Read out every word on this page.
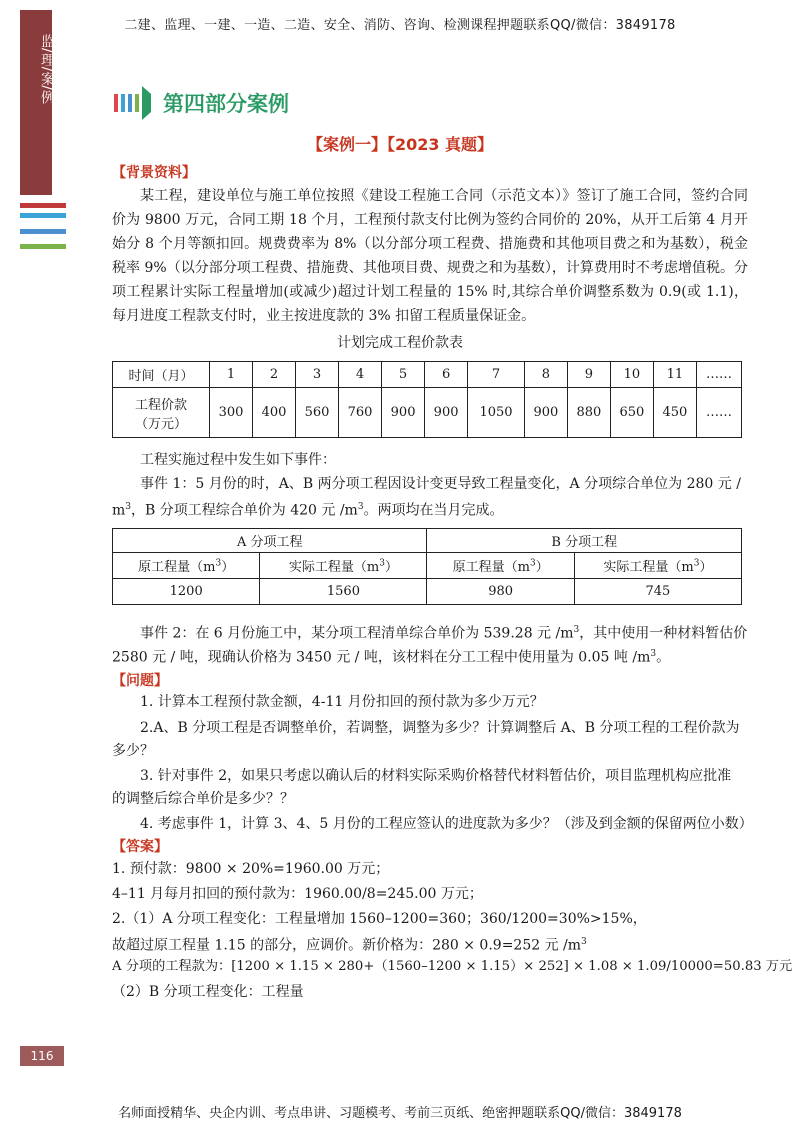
二建、监理、一建、一造、二造、安全、消防、咨询、检测课程押题联系QQ/微信：3849178
名师面授精华、央企内训、考点串讲、习题模考、考前三页纸、绝密押题联系QQ/微信：3849178
监/理/案/例
116
第四部分案例
【案例一】【2023 真题】
【背景资料】
某工程，建设单位与施工单位按照《建设工程施工合同（示范文本）》签订了施工合同，签约合同价为 9800 万元，合同工期 18 个月，工程预付款支付比例为签约合同价的 20%，从开工后第 4 月开始分 8 个月等额扣回。规费费率为 8%（以分部分项工程费、措施费和其他项目费之和为基数），税金税率 9%（以分部分项工程费、措施费、其他项目费、规费之和为基数），计算费用时不考虑增值税。分项工程累计实际工程量增加(或减少)超过计划工程量的 15% 时,其综合单价调整系数为 0.9(或 1.1)，每月进度工程款支付时，业主按进度款的 3% 扣留工程质量保证金。
计划完成工程价款表
时间（月）	1	2	3	4	5	6	7	8	9	10	11	……
工程价款（万元）	300	400	560	760	900	900	1050	900	880	650	450	……
工程实施过程中发生如下事件：
事件 1：5 月份的时，A、B 两分项工程因设计变更导致工程量变化，A 分项综合单位为 280 元 /
$m^3$，B 分项工程综合单价为 420 元 $/m^3$。两项均在当月完成。
A 分项工程		B 分项工程	
原工程量$(m^3)$	实际工程量$(m^3)$	原工程量$(m^3)$	实际工程量$(m^3)$
1200	1560	980	745
事件 2：在 6 月份施工中，某分项工程清单综合单价为 539.28 元 $/m^3$，其中使用一种材料暂估价
2580 元 / 吨，现确认价格为 3450 元 / 吨，该材料在分工工程中使用量为 0.05 吨 $/m^3$。
【问题】
1. 计算本工程预付款金额，4-11 月份扣回的预付款为多少万元？
2.A、B 分项工程是否调整单价，若调整，调整为多少？计算调整后 A、B 分项工程的工程价款为
多少？
3. 针对事件 2，如果只考虑以确认后的材料实际采购价格替代材料暂估价，项目监理机构应批准
的调整后综合单价是多少？？
4. 考虑事件 1，计算 3、4、5 月份的工程应签认的进度款为多少？（涉及到金额的保留两位小数）
【答案】
1. 预付款：9800 × 20%=1960.00 万元；
4–11 月每月扣回的预付款为：1960.00/8=245.00 万元；
2.（1）A 分项工程变化：工程量增加 1560–1200=360；360/1200=30%>15%，
故超过原工程量 1.15 的部分，应调价。新价格为：280 × 0.9=252 元 $/m^3$
A 分项的工程款为：[1200 × 1.15 × 280+（1560–1200 × 1.15）× 252] × 1.08 × 1.09/10000=50.83 万元
（2）B 分项工程变化：工程量
